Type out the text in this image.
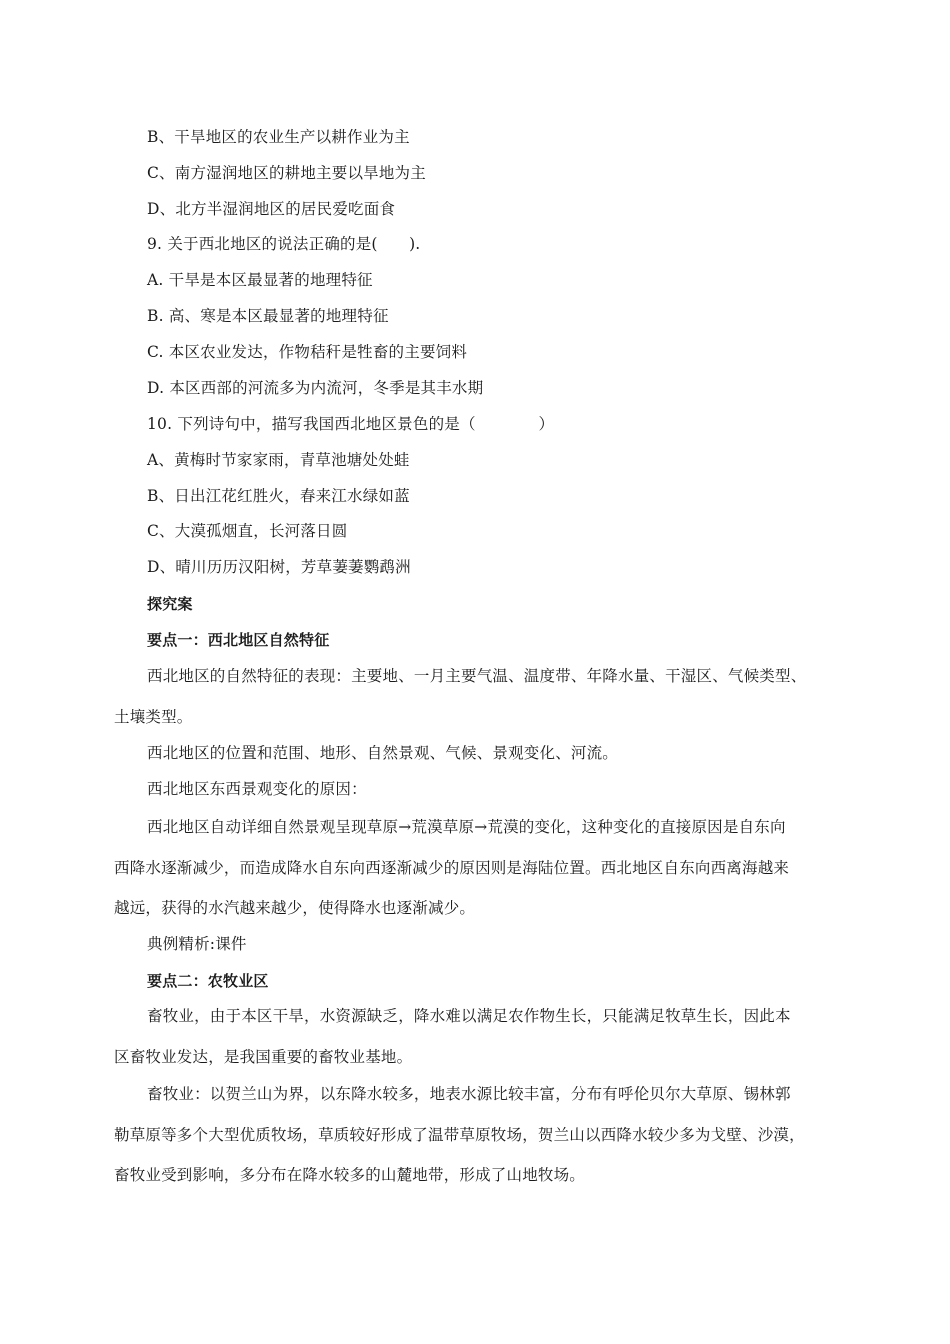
B、干旱地区的农业生产以耕作业为主
C、南方湿润地区的耕地主要以旱地为主
D、北方半湿润地区的居民爱吃面食
9. 关于西北地区的说法正确的是(　　).
A. 干旱是本区最显著的地理特征
B. 高、寒是本区最显著的地理特征
C. 本区农业发达，作物秸秆是牲畜的主要饲料
D. 本区西部的河流多为内流河，冬季是其丰水期
10. 下列诗句中，描写我国西北地区景色的是（　　　　）
A、黄梅时节家家雨，青草池塘处处蛙
B、日出江花红胜火，春来江水绿如蓝
C、大漠孤烟直，长河落日圆
D、晴川历历汉阳树，芳草萋萋鹦鹉洲
探究案
要点一：西北地区自然特征
西北地区的自然特征的表现：主要地、一月主要气温、温度带、年降水量、干湿区、气候类型、
土壤类型。
西北地区的位置和范围、地形、自然景观、气候、景观变化、河流。
西北地区东西景观变化的原因：
西北地区自动详细自然景观呈现草原→荒漠草原→荒漠的变化，这种变化的直接原因是自东向
西降水逐渐减少，而造成降水自东向西逐渐减少的原因则是海陆位置。西北地区自东向西离海越来
越远，获得的水汽越来越少，使得降水也逐渐减少。
典例精析:课件
要点二：农牧业区
畜牧业，由于本区干旱，水资源缺乏，降水难以满足农作物生长，只能满足牧草生长，因此本
区畜牧业发达，是我国重要的畜牧业基地。
畜牧业：以贺兰山为界，以东降水较多，地表水源比较丰富，分布有呼伦贝尔大草原、锡林郭
勒草原等多个大型优质牧场，草质较好形成了温带草原牧场，贺兰山以西降水较少多为戈壁、沙漠，
畜牧业受到影响，多分布在降水较多的山麓地带，形成了山地牧场。
